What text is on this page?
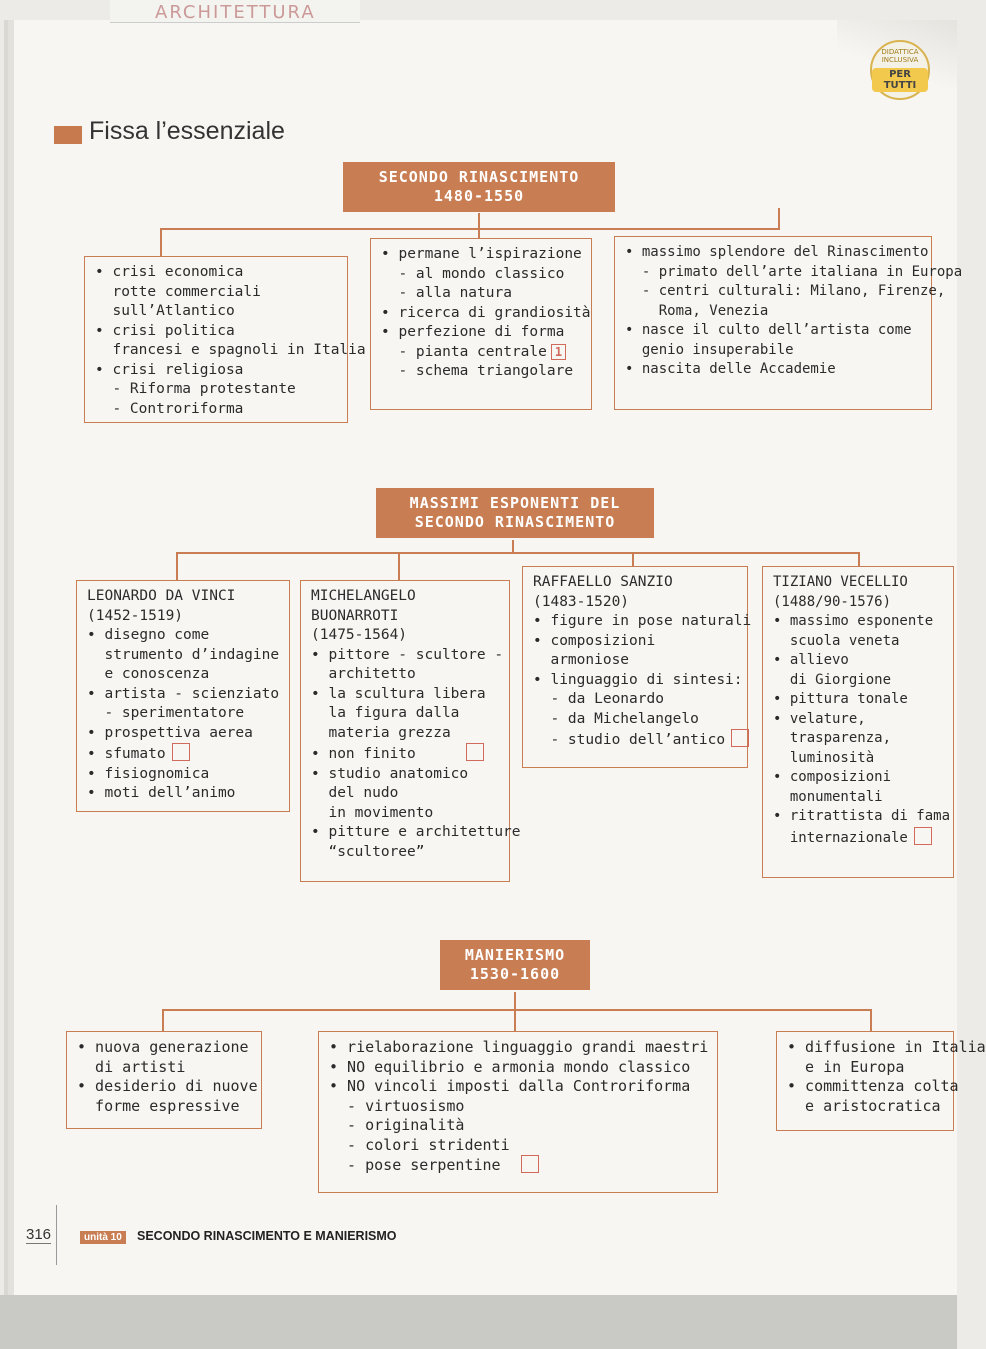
ARCHITETTURA
DIDATTICA INCLUSIVA
PER TUTTI
Fissa l’essenziale
SECONDO RINASCIMENTO
1480-1550
• crisi economica
rotte commerciali
sull’Atlantico
• crisi politica
francesi e spagnoli in Italia
• crisi religiosa
- Riforma protestante
- Controriforma
• permane l’ispirazione
- al mondo classico
- alla natura
• ricerca di grandiosità
• perfezione di forma
- pianta centrale 1
- schema triangolare
• massimo splendore del Rinascimento
- primato dell’arte italiana in Europa
- centri culturali: Milano, Firenze,
Roma, Venezia
• nasce il culto dell’artista come
genio insuperabile
• nascita delle Accademie
MASSIMI ESPONENTI DEL
SECONDO RINASCIMENTO
LEONARDO DA VINCI
(1452-1519)
• disegno come
strumento d’indagine
e conoscenza
• artista - scienziato
- sperimentatore
• prospettiva aerea
• sfumato
• fisiognomica
• moti dell’animo
MICHELANGELO
BUONARROTI
(1475-1564)
• pittore - scultore -
architetto
• la scultura libera
la figura dalla
materia grezza
• non finito
• studio anatomico
del nudo
in movimento
• pitture e architetture
“scultoree”
RAFFAELLO SANZIO
(1483-1520)
• figure in pose naturali
• composizioni
armoniose
• linguaggio di sintesi:
- da Leonardo
- da Michelangelo
- studio dell’antico
TIZIANO VECELLIO
(1488/90-1576)
• massimo esponente
scuola veneta
• allievo
di Giorgione
• pittura tonale
• velature,
trasparenza,
luminosità
• composizioni
monumentali
• ritrattista di fama
internazionale
MANIERISMO
1530-1600
• nuova generazione
di artisti
• desiderio di nuove
forme espressive
• rielaborazione linguaggio grandi maestri
• NO equilibrio e armonia mondo classico
• NO vincoli imposti dalla Controriforma
- virtuosismo
- originalità
- colori stridenti
- pose serpentine
• diffusione in Italia
e in Europa
• committenza colta
e aristocratica
316	unità 10	SECONDO RINASCIMENTO E MANIERISMO
